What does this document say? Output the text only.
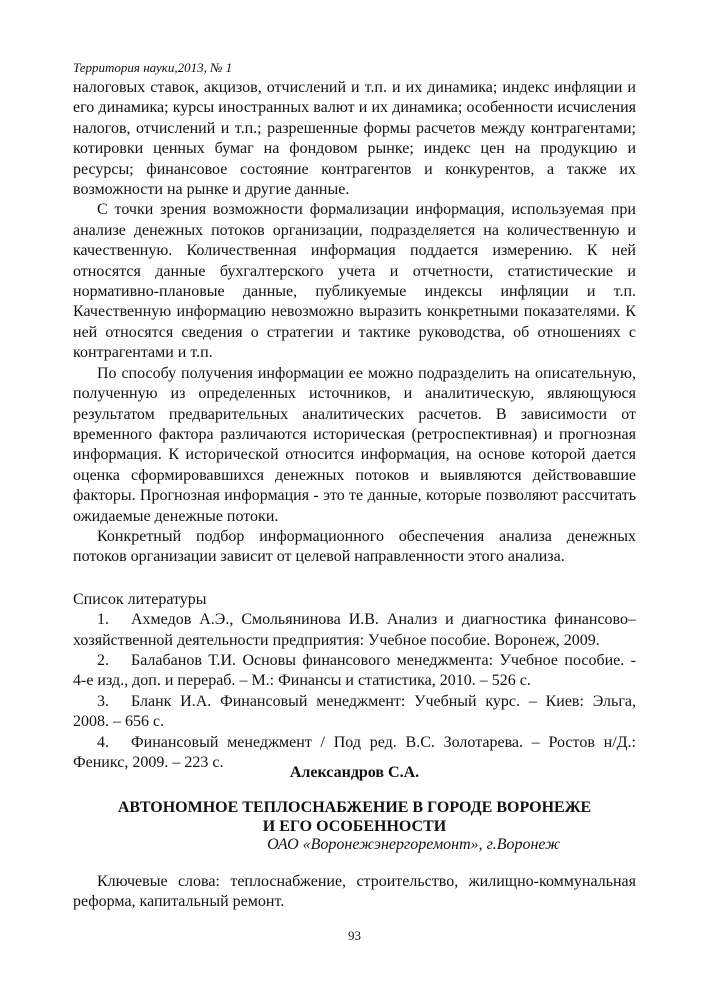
Территория науки,2013, № 1

налоговых ставок, акцизов, отчислений и т.п. и их динамика; индекс инфляции и его динамика; курсы иностранных валют и их динамика; особенности исчисления налогов, отчислений и т.п.; разрешенные формы расчетов между контрагентами; котировки ценных бумаг на фондовом рынке; индекс цен на продукцию и ресурсы; финансовое состояние контрагентов и конкурентов, а также их возможности на рынке и другие данные.

С точки зрения возможности формализации информация, используемая при анализе денежных потоков организации, подразделяется на количественную и качественную. Количественная информация поддается измерению. К ней относятся данные бухгалтерского учета и отчетности, статистические и нормативно-плановые данные, публикуемые индексы инфляции и т.п. Качественную информацию невозможно выразить конкретными показателями. К ней относятся сведения о стратегии и тактике руководства, об отношениях с контрагентами и т.п.

По способу получения информации ее можно подразделить на описательную, полученную из определенных источников, и аналитическую, являющуюся результатом предварительных аналитических расчетов. В зависимости от временного фактора различаются историческая (ретроспективная) и прогнозная информация. К исторической относится информация, на основе которой дается оценка сформировавшихся денежных потоков и выявляются действовавшие факторы. Прогнозная информация - это те данные, которые позволяют рассчитать ожидаемые денежные потоки.

Конкретный подбор информационного обеспечения анализа денежных потоков организации зависит от целевой направленности этого анализа.

Список литературы

1. Ахмедов А.Э., Смольянинова И.В. Анализ и диагностика финансово–хозяйственной деятельности предприятия: Учебное пособие. Воронеж, 2009.

2. Балабанов Т.И. Основы финансового менеджмента: Учебное пособие. - 4-е изд., доп. и перераб. – М.: Финансы и статистика, 2010. – 526 с.

3. Бланк И.А. Финансовый менеджмент: Учебный курс. – Киев: Эльга, 2008. – 656 с.

4. Финансовый менеджмент / Под ред. В.С. Золотарева. – Ростов н/Д.: Феникс, 2009. – 223 с.

Александров С.А.
АВТОНОМНОЕ ТЕПЛОСНАБЖЕНИЕ В ГОРОДЕ ВОРОНЕЖЕ
И ЕГО ОСОБЕННОСТИ
ОАО «Воронежэнергоремонт», г.Воронеж
Ключевые слова: теплоснабжение, строительство, жилищно-коммунальная реформа, капитальный ремонт.
93
